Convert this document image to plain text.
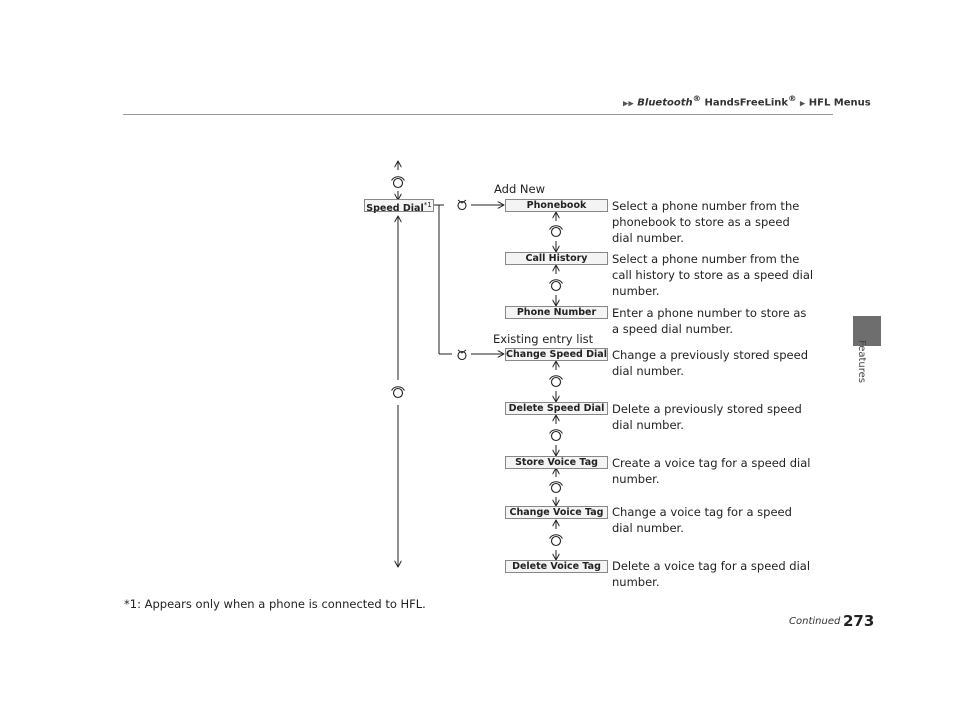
▶▶ Bluetooth® HandsFreeLink® ▶ HFL Menus
Features
Speed Dial$^{*1}$
Add New
Existing entry list
Phonebook
Call History
Phone Number
Change Speed Dial
Delete Speed Dial
Store Voice Tag
Change Voice Tag
Delete Voice Tag
Select a phone number from the phonebook to store as a speed dial number.
Select a phone number from the call history to store as a speed dial number.
Enter a phone number to store as a speed dial number.
Change a previously stored speed dial number.
Delete a previously stored speed dial number.
Create a voice tag for a speed dial number.
Change a voice tag for a speed dial number.
Delete a voice tag for a speed dial number.
*1: Appears only when a phone is connected to HFL.
Continued 273
